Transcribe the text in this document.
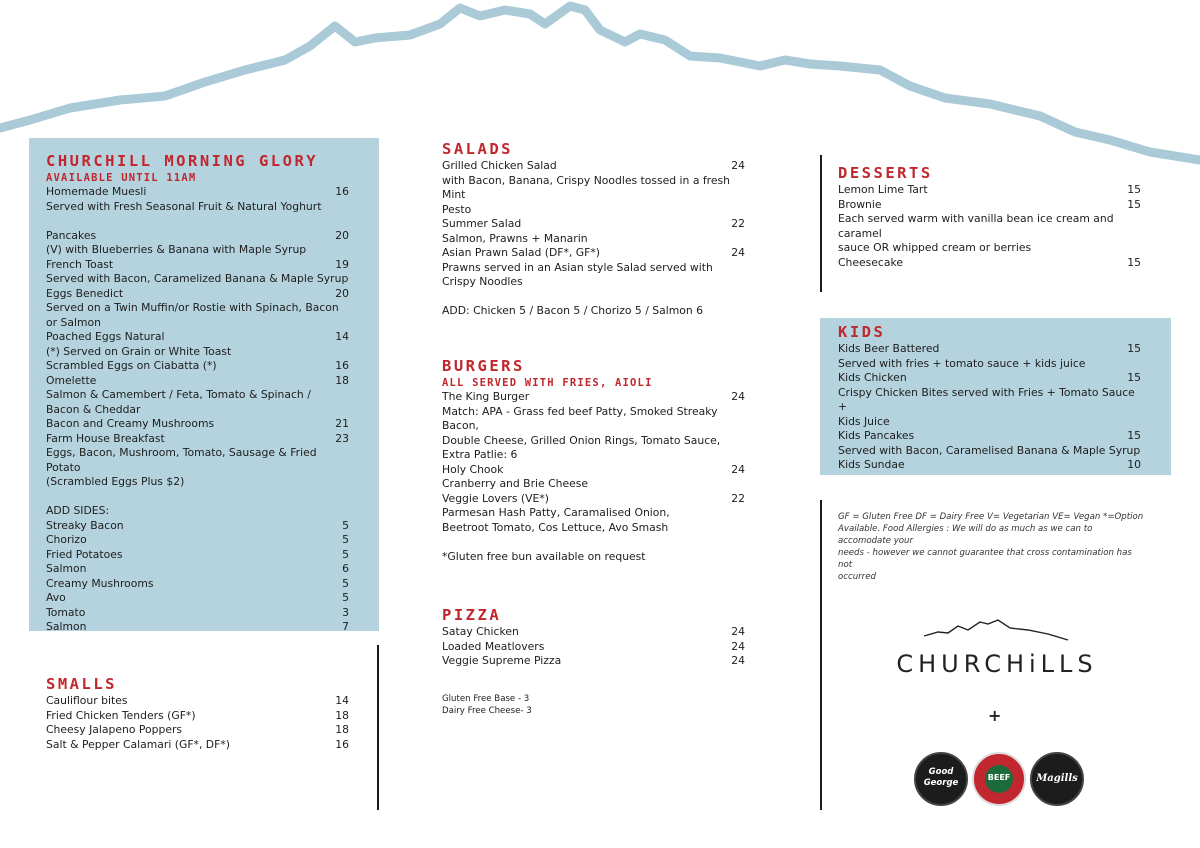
CHURCHILL MORNING GLORY
AVAILABLE UNTIL 11AM
Homemade Muesli	16
Served with Fresh Seasonal Fruit & Natural Yoghurt
Pancakes	20
(V) with Blueberries & Banana with Maple Syrup
French Toast	19
Served with Bacon, Caramelized Banana & Maple Syrup
Eggs Benedict	20
Served on a Twin Muffin/or Rostie with Spinach, Bacon
or Salmon
Poached Eggs Natural	14
(*) Served on Grain or White Toast
Scrambled Eggs on Ciabatta (*)	16
Omelette	18
Salmon & Camembert / Feta, Tomato & Spinach /
Bacon & Cheddar
Bacon and Creamy Mushrooms	21
Farm House Breakfast	23
Eggs, Bacon, Mushroom, Tomato, Sausage & Fried Potato
(Scrambled Eggs Plus $2)
ADD SIDES:
Streaky Bacon	5
Chorizo	5
Fried Potatoes	5
Salmon	6
Creamy Mushrooms	5
Avo	5
Tomato	3
Salmon	7
SMALLS
Cauliflour bites	14
Fried Chicken Tenders (GF*)	18
Cheesy Jalapeno Poppers	18
Salt & Pepper Calamari (GF*, DF*)	16
SALADS
Grilled Chicken Salad	24
with Bacon, Banana, Crispy Noodles tossed in a fresh Mint
Pesto
Summer Salad	22
Salmon, Prawns + Manarin
Asian Prawn Salad (DF*, GF*)	24
Prawns served in an Asian style Salad served with
Crispy Noodles
ADD: Chicken 5 / Bacon 5 / Chorizo 5 / Salmon 6
BURGERS
ALL SERVED WITH FRIES, AIOLI
The King Burger	24
Match: APA - Grass fed beef Patty, Smoked Streaky Bacon,
Double Cheese, Grilled Onion Rings, Tomato Sauce,
Extra Patlie: 6
Holy Chook	24
Cranberry and Brie Cheese
Veggie Lovers (VE*)	22
Parmesan Hash Patty, Caramalised Onion,
Beetroot Tomato, Cos Lettuce, Avo Smash
*Gluten free bun available on request
PIZZA
Satay Chicken	24
Loaded Meatlovers	24
Veggie Supreme Pizza	24
Gluten Free Base - 3
Dairy Free Cheese- 3
DESSERTS
Lemon Lime Tart	15
Brownie	15
Each served warm with vanilla bean ice cream and caramel
sauce OR whipped cream or berries
Cheesecake	15
KIDS
Kids Beer Battered	15
Served with fries + tomato sauce + kids juice
Kids Chicken	15
Crispy Chicken Bites served with Fries + Tomato Sauce +
Kids Juice
Kids Pancakes	15
Served with Bacon, Caramelised Banana & Maple Syrup
Kids Sundae	10
GF = Gluten Free DF = Dairy Free V= Vegetarian VE= Vegan *=Option
Available. Food Allergies : We will do as much as we can to accomodate your
needs - however we cannot guarantee that cross contamination has not
occurred
CHURCHiLLS
+
Good George
BEEF	Magills
